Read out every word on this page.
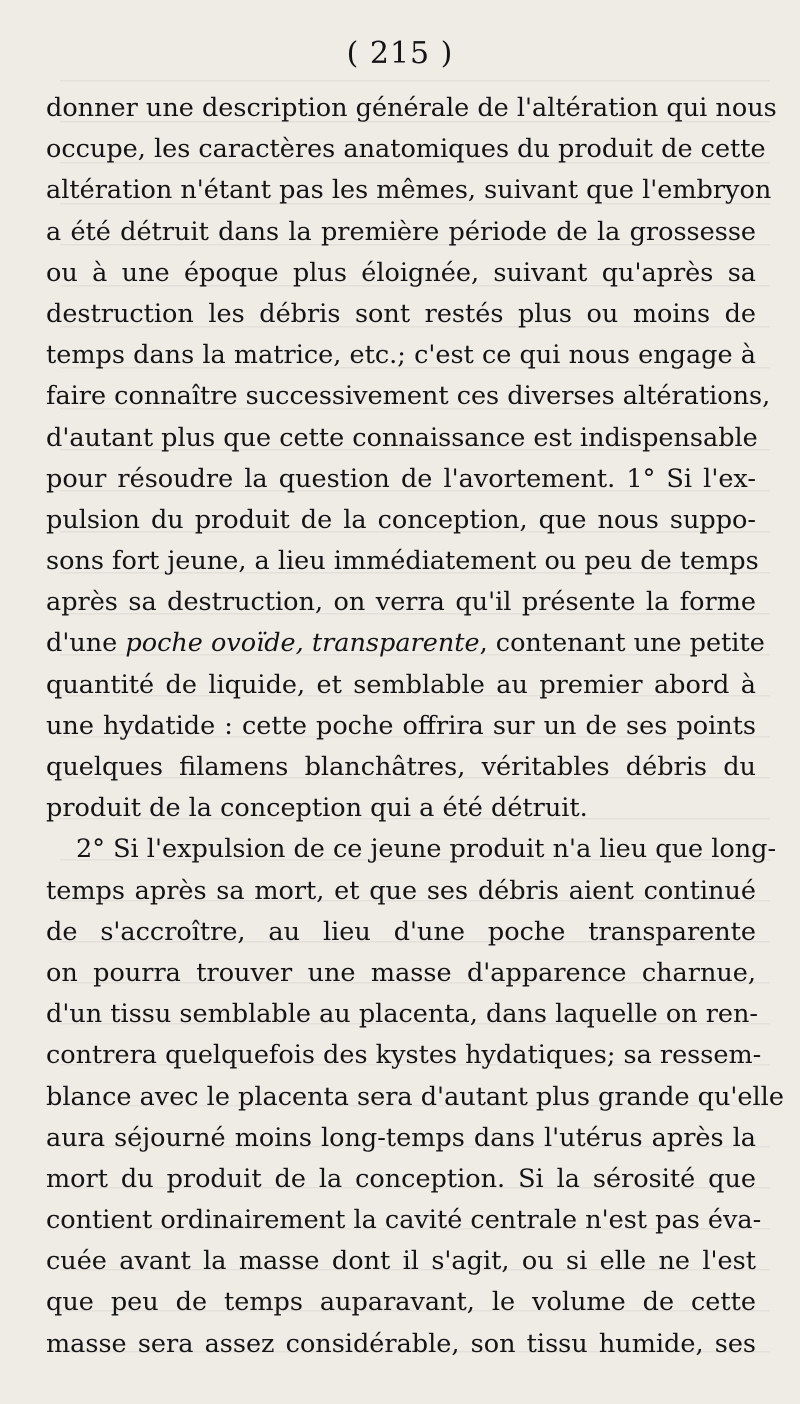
( 215 )
donner une description générale de l'altération qui nous
occupe, les caractères anatomiques du produit de cette
altération n'étant pas les mêmes, suivant que l'embryon
a été détruit dans la première période de la grossesse
ou à une époque plus éloignée, suivant qu'après sa
destruction les débris sont restés plus ou moins de
temps dans la matrice, etc.; c'est ce qui nous engage à
faire connaître successivement ces diverses altérations,
d'autant plus que cette connaissance est indispensable
pour résoudre la question de l'avortement. 1° Si l'ex-
pulsion du produit de la conception, que nous suppo-
sons fort jeune, a lieu immédiatement ou peu de temps
après sa destruction, on verra qu'il présente la forme
d'une poche ovoïde, transparente, contenant une petite
quantité de liquide, et semblable au premier abord à
une hydatide : cette poche offrira sur un de ses points
quelques filamens blanchâtres, véritables débris du
produit de la conception qui a été détruit.
2° Si l'expulsion de ce jeune produit n'a lieu que long-
temps après sa mort, et que ses débris aient continué
de s'accroître, au lieu d'une poche transparente
on pourra trouver une masse d'apparence charnue,
d'un tissu semblable au placenta, dans laquelle on ren-
contrera quelquefois des kystes hydatiques; sa ressem-
blance avec le placenta sera d'autant plus grande qu'elle
aura séjourné moins long-temps dans l'utérus après la
mort du produit de la conception. Si la sérosité que
contient ordinairement la cavité centrale n'est pas éva-
cuée avant la masse dont il s'agit, ou si elle ne l'est
que peu de temps auparavant, le volume de cette
masse sera assez considérable, son tissu humide, ses
